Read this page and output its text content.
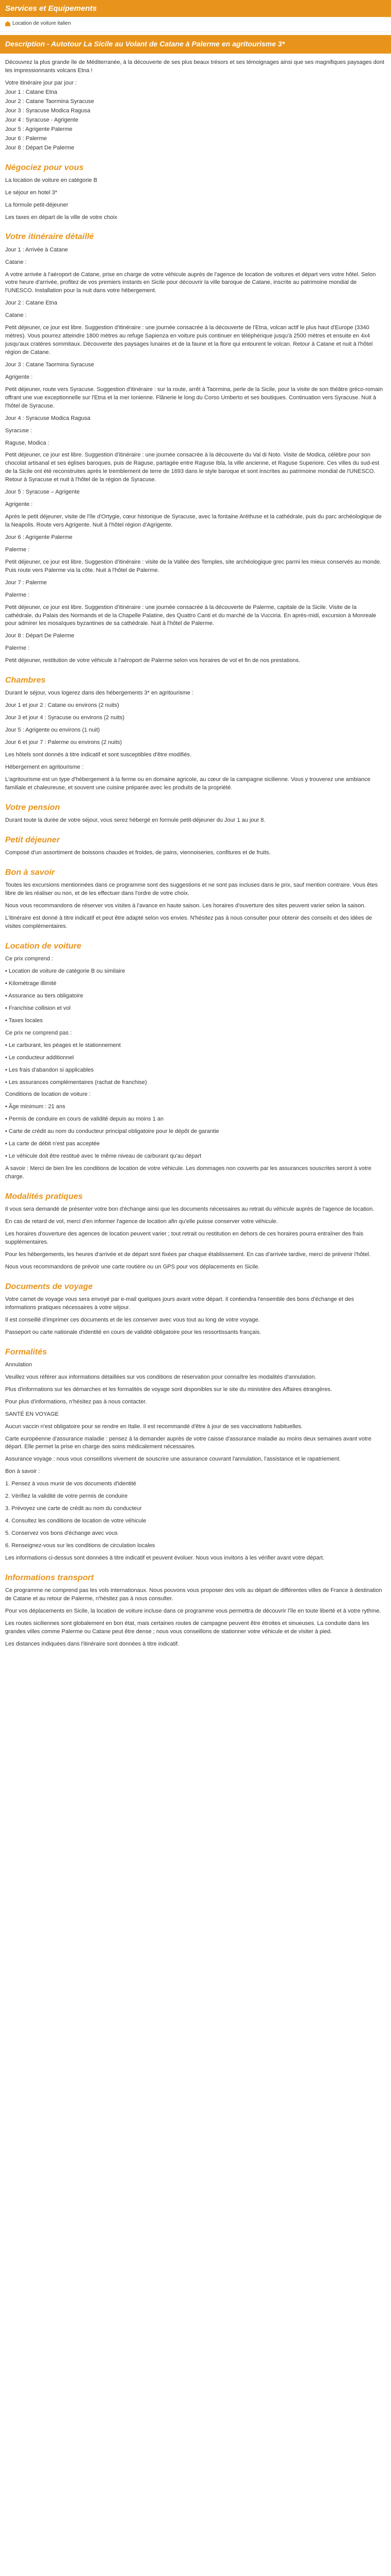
Services et Equipements
Location de voiture italien
Description - Autotour La Sicile au Volant de Catane à Palerme en agritourisme 3*

Découvrez la plus grande île de Méditerranée, à la découverte de ses plus beaux trésors et ses témoignages ainsi que ses magnifiques paysages dont les impressionnants volcans Etna !

Votre itinéraire jour par jour :

Jour 1 : Catane Etna

Jour 2 : Catane Taormina Syracuse

Jour 3 : Syracuse Modica Ragusa

Jour 4 : Syracuse - Agrigente

Jour 5 : Agrigente Palerme

Jour 6 : Palerme

Jour 8 : Départ De Palerme

Négociez pour vous

La location de voiture en catégorie B

Le séjour en hotel 3*

La formule petit-déjeuner

Les taxes en départ de la ville de votre choix

Votre itinéraire détaillé

Jour 1 : Arrivée à Catane

Catane :

A votre arrivée à l'aéroport de Catane, prise en charge de votre véhicule auprès de l'agence de location de voitures et départ vers votre hôtel. Selon votre heure d'arrivée, profitez de vos premiers instants en Sicile pour découvrir la ville baroque de Catane, inscrite au patrimoine mondial de l'UNESCO. Installation pour la nuit dans votre hébergement.

Jour 2 : Catane Etna

Catane :

Petit déjeuner, ce jour est libre. Suggestion d'itinéraire : une journée consacrée à la découverte de l'Etna, volcan actif le plus haut d'Europe (3340 mètres). Vous pourrez atteindre 1800 mètres au refuge Sapienza en voiture puis continuer en téléphérique jusqu'à 2500 mètres et ensuite en 4x4 jusqu'aux cratères sommitaux. Découverte des paysages lunaires et de la faune et la flore qui entourent le volcan. Retour à Catane et nuit à l'hôtel région de Catane.

Jour 3 : Catane Taormina Syracuse

Agrigente :

Petit déjeuner, route vers Syracuse. Suggestion d'itinéraire : sur la route, arrêt à Taormina, perle de la Sicile, pour la visite de son théâtre gréco-romain offrant une vue exceptionnelle sur l'Etna et la mer Ionienne. Flânerie le long du Corso Umberto et ses boutiques. Continuation vers Syracuse. Nuit à l'hôtel de Syracuse.

Jour 4 : Syracuse Modica Ragusa

Syracuse :

Raguse, Modica :

Petit déjeuner, ce jour est libre. Suggestion d'itinéraire : une journée consacrée à la découverte du Val di Noto. Visite de Modica, célèbre pour son chocolat artisanal et ses églises baroques, puis de Raguse, partagée entre Raguse Ibla, la ville ancienne, et Raguse Superiore. Ces villes du sud-est de la Sicile ont été reconstruites après le tremblement de terre de 1693 dans le style baroque et sont inscrites au patrimoine mondial de l'UNESCO. Retour à Syracuse et nuit à l'hôtel de la région de Syracuse.

Jour 5 : Syracuse – Agrigente

Agrigente :

Après le petit déjeuner, visite de l'île d'Ortygie, cœur historique de Syracuse, avec la fontaine Aréthuse et la cathédrale, puis du parc archéologique de la Neapolis. Route vers Agrigente. Nuit à l'hôtel région d'Agrigente.

Jour 6 : Agrigente Palerme

Palerme :

Petit déjeuner, ce jour est libre. Suggestion d'itinéraire : visite de la Vallée des Temples, site archéologique grec parmi les mieux conservés au monde. Puis route vers Palerme via la côte. Nuit à l'hôtel de Palerme.

Jour 7 : Palerme

Palerme :

Petit déjeuner, ce jour est libre. Suggestion d'itinéraire : une journée consacrée à la découverte de Palerme, capitale de la Sicile. Visite de la cathédrale, du Palais des Normands et de la Chapelle Palatine, des Quattro Canti et du marché de la Vucciria. En après-midi, excursion à Monreale pour admirer les mosaïques byzantines de sa cathédrale. Nuit à l'hôtel de Palerme.

Jour 8 : Départ De Palerme

Palerme :

Petit déjeuner, restitution de votre véhicule à l'aéroport de Palerme selon vos horaires de vol et fin de nos prestations.

Chambres

Durant le séjour, vous logerez dans des hébergements 3* en agritourisme :

Jour 1 et jour 2 : Catane ou environs (2 nuits)

Jour 3 et jour 4 : Syracuse ou environs (2 nuits)

Jour 5 : Agrigente ou environs (1 nuit)

Jour 6 et jour 7 : Palerme ou environs (2 nuits)

Les hôtels sont donnés à titre indicatif et sont susceptibles d'être modifiés.

Hébergement en agritourisme :

L'agritourisme est un type d'hébergement à la ferme ou en domaine agricole, au cœur de la campagne sicilienne. Vous y trouverez une ambiance familiale et chaleureuse, et souvent une cuisine préparée avec les produits de la propriété.

Votre pension

Durant toute la durée de votre séjour, vous serez hébergé en formule petit-déjeuner du Jour 1 au jour 8.

Petit déjeuner

Composé d'un assortiment de boissons chaudes et froides, de pains, viennoiseries, confitures et de fruits.

Bon à savoir

Toutes les excursions mentionnées dans ce programme sont des suggestions et ne sont pas incluses dans le prix, sauf mention contraire. Vous êtes libre de les réaliser ou non, et de les effectuer dans l'ordre de votre choix.

Nous vous recommandons de réserver vos visites à l'avance en haute saison. Les horaires d'ouverture des sites peuvent varier selon la saison.

L'itinéraire est donné à titre indicatif et peut être adapté selon vos envies. N'hésitez pas à nous consulter pour obtenir des conseils et des idées de visites complémentaires.

Location de voiture

Ce prix comprend :

• Location de voiture de catégorie B ou similaire

• Kilométrage illimité

• Assurance au tiers obligatoire

• Franchise collision et vol

• Taxes locales

Ce prix ne comprend pas :

• Le carburant, les péages et le stationnement

• Le conducteur additionnel

• Les frais d'abandon si applicables

• Les assurances complémentaires (rachat de franchise)

Conditions de location de voiture :

• Âge minimum : 21 ans

• Permis de conduire en cours de validité depuis au moins 1 an

• Carte de crédit au nom du conducteur principal obligatoire pour le dépôt de garantie

• La carte de débit n'est pas acceptée

• Le véhicule doit être restitué avec le même niveau de carburant qu'au départ

A savoir : Merci de bien lire les conditions de location de votre véhicule. Les dommages non couverts par les assurances souscrites seront à votre charge.

Modalités pratiques

Il vous sera demandé de présenter votre bon d'échange ainsi que les documents nécessaires au retrait du véhicule auprès de l'agence de location.

En cas de retard de vol, merci d'en informer l'agence de location afin qu'elle puisse conserver votre véhicule.

Les horaires d'ouverture des agences de location peuvent varier ; tout retrait ou restitution en dehors de ces horaires pourra entraîner des frais supplémentaires.

Pour les hébergements, les heures d'arrivée et de départ sont fixées par chaque établissement. En cas d'arrivée tardive, merci de prévenir l'hôtel.

Nous vous recommandons de prévoir une carte routière ou un GPS pour vos déplacements en Sicile.

Documents de voyage

Votre carnet de voyage vous sera envoyé par e-mail quelques jours avant votre départ. Il contiendra l'ensemble des bons d'échange et des informations pratiques nécessaires à votre séjour.

Il est conseillé d'imprimer ces documents et de les conserver avec vous tout au long de votre voyage.

Passeport ou carte nationale d'identité en cours de validité obligatoire pour les ressortissants français.

Formalités

Annulation

Veuillez vous référer aux informations détaillées sur vos conditions de réservation pour connaître les modalités d'annulation.

Plus d'informations sur les démarches et les formalités de voyage sont disponibles sur le site du ministère des Affaires étrangères.

Pour plus d'informations, n'hésitez pas à nous contacter.

SANTÉ EN VOYAGE

Aucun vaccin n'est obligatoire pour se rendre en Italie. Il est recommandé d'être à jour de ses vaccinations habituelles.

Carte européenne d'assurance maladie : pensez à la demander auprès de votre caisse d'assurance maladie au moins deux semaines avant votre départ. Elle permet la prise en charge des soins médicalement nécessaires.

Assurance voyage : nous vous conseillons vivement de souscrire une assurance couvrant l'annulation, l'assistance et le rapatriement.

Bon à savoir :

1. Pensez à vous munir de vos documents d'identité

2. Vérifiez la validité de votre permis de conduire

3. Prévoyez une carte de crédit au nom du conducteur

4. Consultez les conditions de location de votre véhicule

5. Conservez vos bons d'échange avec vous

6. Renseignez-vous sur les conditions de circulation locales

Les informations ci-dessus sont données à titre indicatif et peuvent évoluer. Nous vous invitons à les vérifier avant votre départ.

Informations transport

Ce programme ne comprend pas les vols internationaux. Nous pouvons vous proposer des vols au départ de différentes villes de France à destination de Catane et au retour de Palerme, n'hésitez pas à nous consulter.

Pour vos déplacements en Sicile, la location de voiture incluse dans ce programme vous permettra de découvrir l'île en toute liberté et à votre rythme.

Les routes siciliennes sont globalement en bon état, mais certaines routes de campagne peuvent être étroites et sinueuses. La conduite dans les grandes villes comme Palerme ou Catane peut être dense ; nous vous conseillons de stationner votre véhicule et de visiter à pied.

Les distances indiquées dans l'itinéraire sont données à titre indicatif.
